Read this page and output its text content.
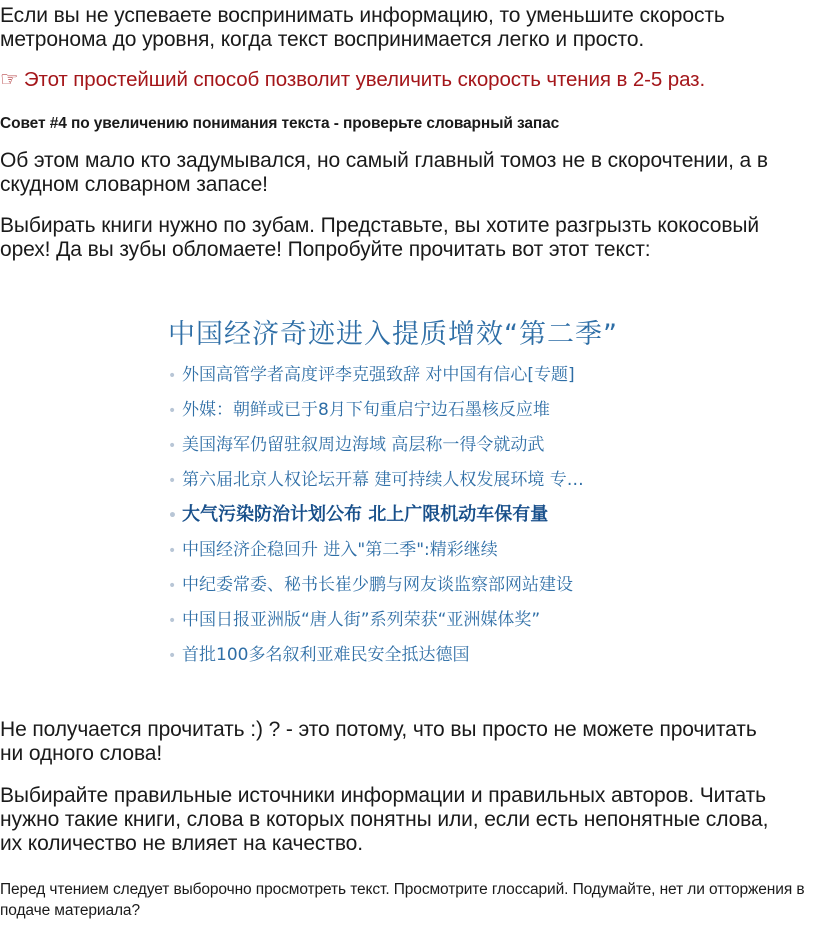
Если вы не успеваете воспринимать информацию, то уменьшите скорость метронома до уровня, когда текст воспринимается легко и просто.

☞ Этот простейший способ позволит увеличить скорость чтения в 2-5 раз.

Совет #4 по увеличению понимания текста - проверьте словарный запас

Об этом мало кто задумывался, но самый главный томоз не в скорочтении, а в скудном словарном запасе!

Выбирать книги нужно по зубам. Представьте, вы хотите разгрызть кокосовый орех! Да вы зубы обломаете! Попробуйте прочитать вот этот текст:

中国经济奇迹进入提质增效“第二季”
• 外国高管学者高度评李克强致辞 对中国有信心[专题]
• 外媒：朝鲜或已于8月下旬重启宁边石墨核反应堆
• 美国海军仍留驻叙周边海域 高层称一得令就动武
• 第六届北京人权论坛开幕 建可持续人权发展环境 专…
• 大气污染防治计划公布 北上广限机动车保有量
• 中国经济企稳回升 进入"第二季":精彩继续
• 中纪委常委、秘书长崔少鹏与网友谈监察部网站建设
• 中国日报亚洲版“唐人街”系列荣获“亚洲媒体奖”
• 首批100多名叙利亚难民安全抵达德国

Не получается прочитать :) ? - это потому, что вы просто не можете прочитать ни одного слова!

Выбирайте правильные источники информации и правильных авторов. Читать нужно такие книги, слова в которых понятны или, если есть непонятные слова, их количество не влияет на качество.

Перед чтением следует выборочно просмотреть текст. Просмотрите глоссарий. Подумайте, нет ли отторжения в подаче материала?
